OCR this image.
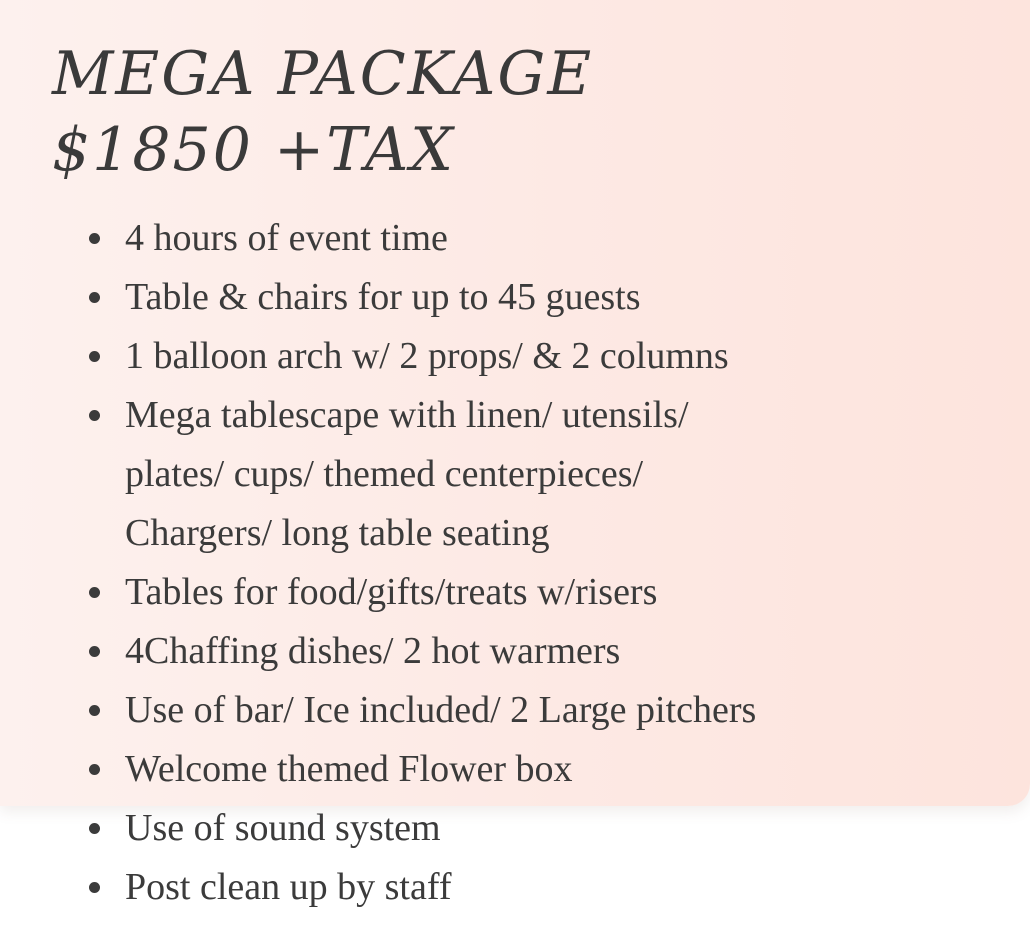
MEGA PACKAGE
$1850 +TAX
4 hours of event time
Table & chairs for up to 45 guests
1 balloon arch w/ 2 props/ & 2 columns
Mega tablescape with linen/ utensils/
plates/ cups/ themed centerpieces/
Chargers/ long table seating
Tables for food/gifts/treats w/risers
4Chaffing dishes/ 2 hot warmers
Use of bar/ Ice included/ 2 Large pitchers
Welcome themed Flower box
Use of sound system
Post clean up by staff
